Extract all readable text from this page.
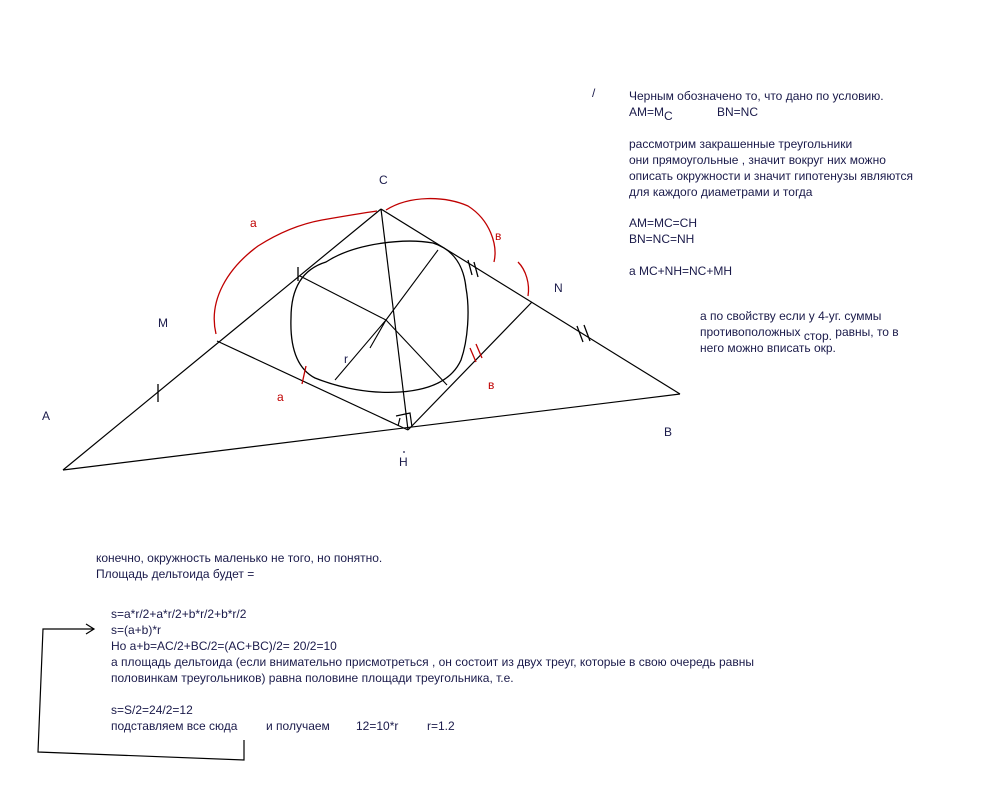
A
B
C
M
N
H
r
а
а
в
в
/	Черным обозначено то, что дано по условию.
AM=MC	BN=NC
рассмотрим закрашенные треугольники
они прямоугольные , значит вокруг них можно
описать окружности и значит гипотенузы являются
для каждого диаметрами и тогда
AM=MC=CH
BN=NC=NH
а MC+NH=NC+MH
а по свойству если у 4-уг. суммы
противоположных стор. равны, то в
него можно вписать окр.
конечно, окружность маленько не того, но понятно.
Площадь дельтоида будет =
s=a*r/2+a*r/2+b*r/2+b*r/2
s=(a+b)*r
Но a+b=AC/2+BC/2=(AC+BC)/2= 20/2=10
а площадь дельтоида (если внимательно присмотреться , он состоит из двух треуг, которые в свою очередь равны
половинкам треугольников) равна половине площади треугольника, т.е.
s=S/2=24/2=12
подставляем все сюда и получаем 12=10*r r=1.2
